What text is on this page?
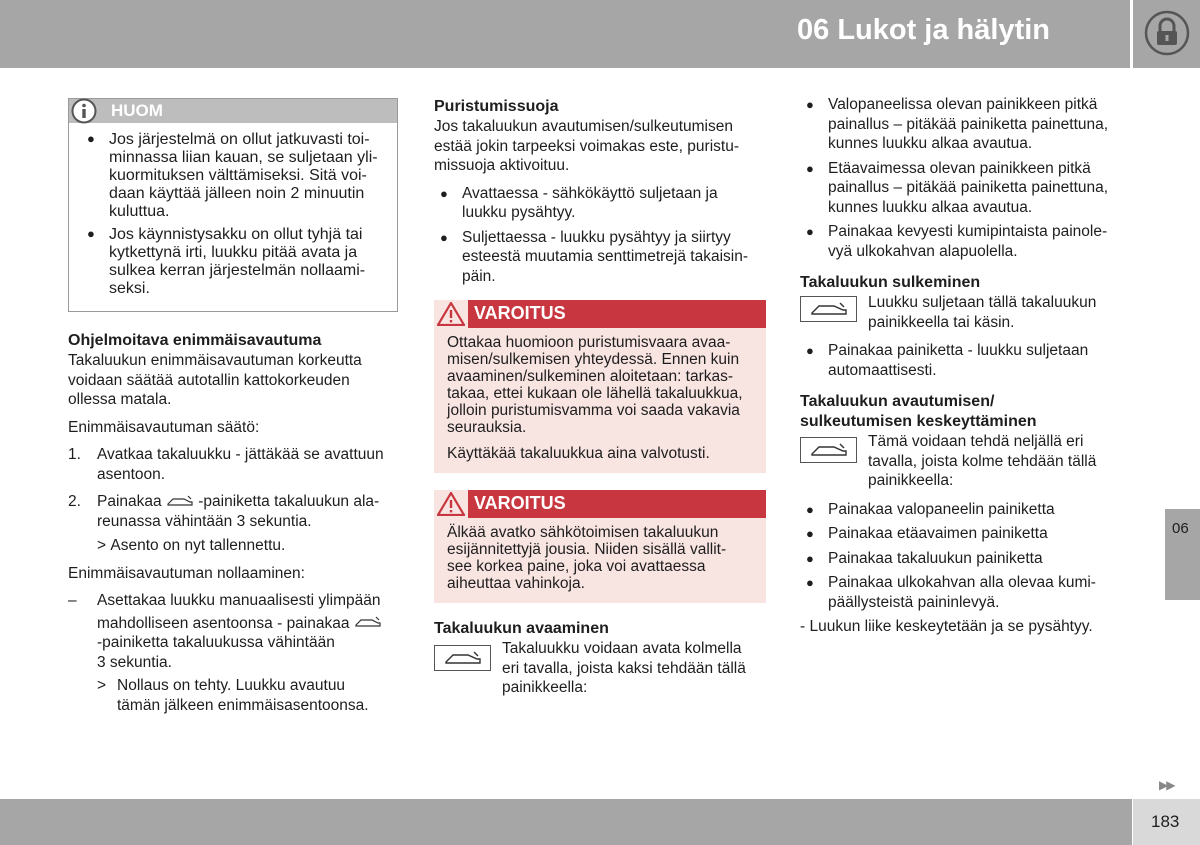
06 Lukot ja hälytin
HUOM
● Jos järjestelmä on ollut jatkuvasti toi-

minnassa liian kauan, se suljetaan yli-

kuormituksen välttämiseksi. Sitä voi-

daan käyttää jälleen noin 2 minuutin

kuluttua.

● Jos käynnistysakku on ollut tyhjä tai

kytkettynä irti, luukku pitää avata ja

sulkea kerran järjestelmän nollaami-

seksi.

Ohjelmoitava enimmäisavautuma

Takaluukun enimmäisavautuman korkeutta

voidaan säätää autotallin kattokorkeuden

ollessa matala.

Enimmäisavautuman säätö:

1. Avatkaa takaluukku - jättäkää se avattuun

asentoon.

2. Painakaa -painiketta takaluukun ala-

reunassa vähintään 3 sekuntia.

> Asento on nyt tallennettu.

Enimmäisavautuman nollaaminen:

– Asettakaa luukku manuaalisesti ylimpään

mahdolliseen asentoonsa - painakaa

-painiketta takaluukussa vähintään

3 sekuntia.

> Nollaus on tehty. Luukku avautuu

tämän jälkeen enimmäisasentoonsa.

Puristumissuoja

Jos takaluukun avautumisen/sulkeutumisen

estää jokin tarpeeksi voimakas este, puristu-

missuoja aktivoituu.

● Avattaessa - sähkökäyttö suljetaan ja

luukku pysähtyy.

● Suljettaessa - luukku pysähtyy ja siirtyy

esteestä muutamia senttimetrejä takaisin-

päin.

VAROITUS

Ottakaa huomioon puristumisvaara avaa-

misen/sulkemisen yhteydessä. Ennen kuin

avaaminen/sulkeminen aloitetaan: tarkas-

takaa, ettei kukaan ole lähellä takaluukkua,

jolloin puristumisvamma voi saada vakavia

seurauksia.

Käyttäkää takaluukkua aina valvotusti.

VAROITUS

Älkää avatko sähkötoimisen takaluukun

esijännitettyjä jousia. Niiden sisällä vallit-

see korkea paine, joka voi avattaessa

aiheuttaa vahinkoja.

Takaluukun avaaminen

Takaluukku voidaan avata kolmella

eri tavalla, joista kaksi tehdään tällä

painikkeella:

● Valopaneelissa olevan painikkeen pitkä

painallus – pitäkää painiketta painettuna,

kunnes luukku alkaa avautua.

● Etäavaimessa olevan painikkeen pitkä

painallus – pitäkää painiketta painettuna,

kunnes luukku alkaa avautua.

● Painakaa kevyesti kumipintaista painole-

vyä ulkokahvan alapuolella.

Takaluukun sulkeminen

Luukku suljetaan tällä takaluukun

painikkeella tai käsin.

● Painakaa painiketta - luukku suljetaan

automaattisesti.

Takaluukun avautumisen/
sulkeutumisen keskeyttäminen

Tämä voidaan tehdä neljällä eri

tavalla, joista kolme tehdään tällä

painikkeella:

● Painakaa valopaneelin painiketta

● Painakaa etäavaimen painiketta

● Painakaa takaluukun painiketta

● Painakaa ulkokahvan alla olevaa kumi-

päällysteistä paininlevyä.

- Luukun liike keskeytetään ja se pysähtyy.

06
▶▶
183
